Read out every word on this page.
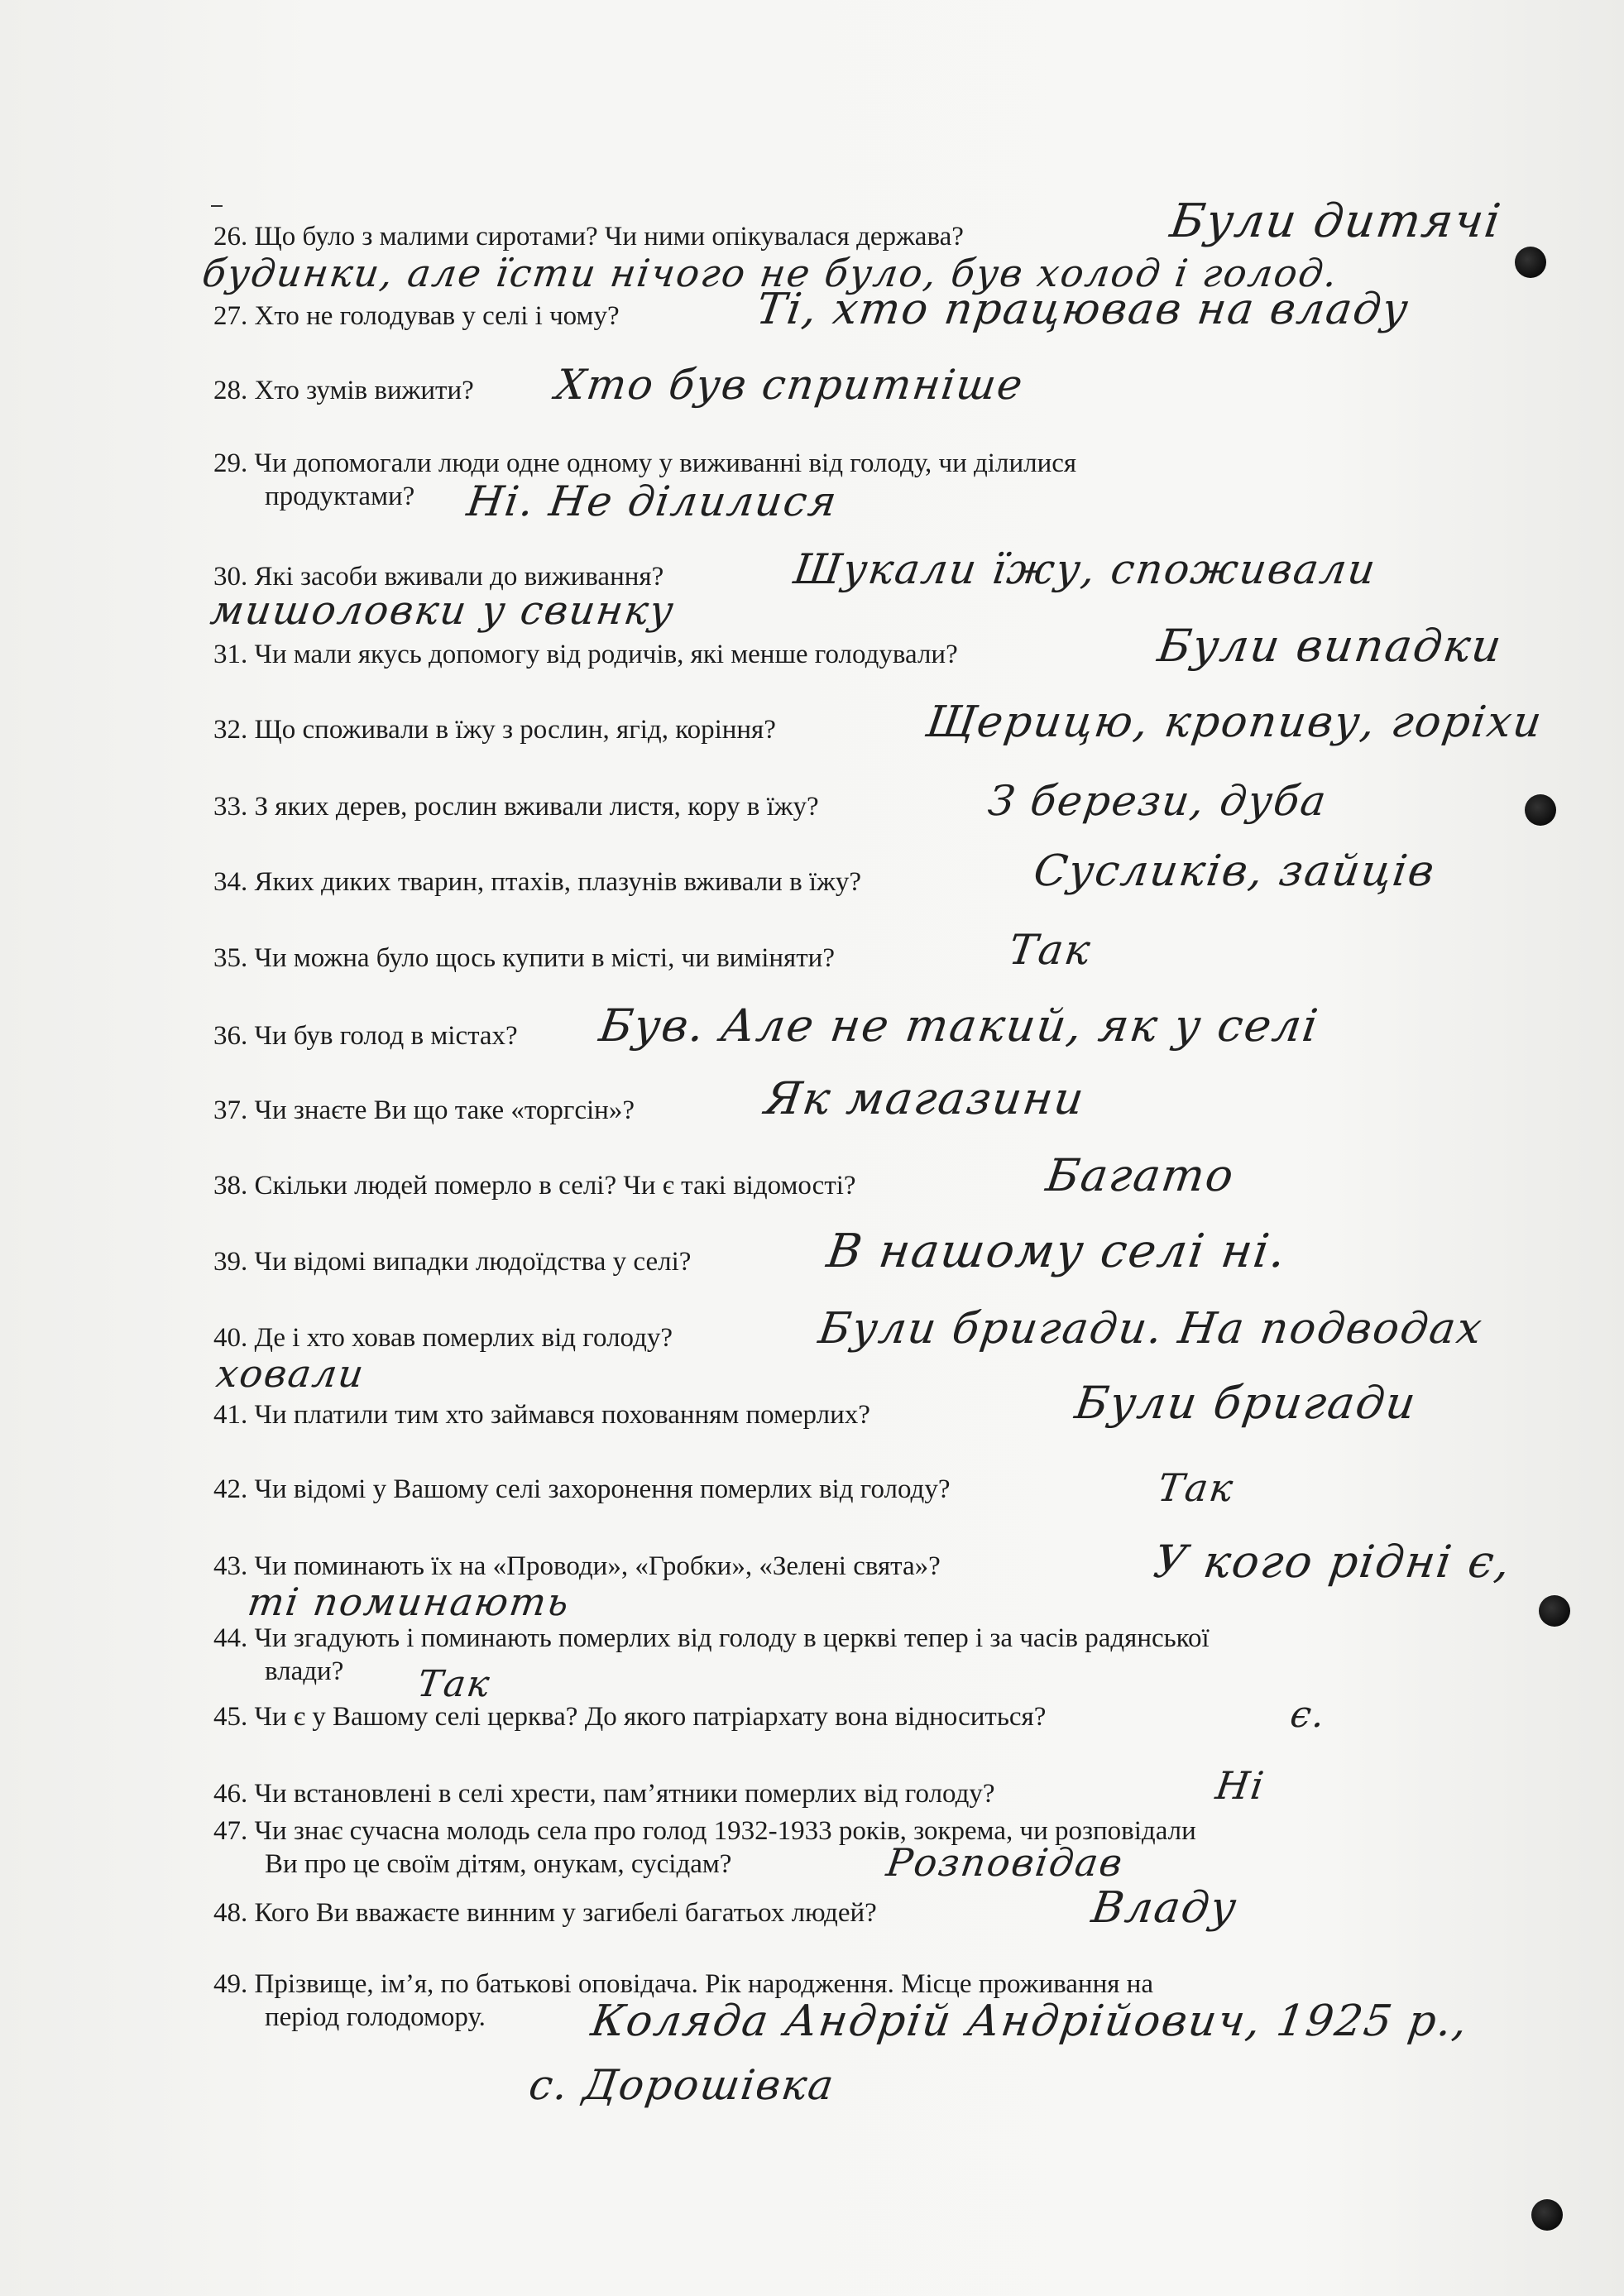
26. Що було з малими сиротами? Чи ними опікувалася держава?
27. Хто не голодував у селі і чому?
28. Хто зумів вижити?
29. Чи допомогали люди одне одному у виживанні від голоду, чи ділилися
продуктами?
30. Які засоби вживали до виживання?
31. Чи мали якусь допомогу від родичів, які менше голодували?
32. Що споживали в їжу з рослин, ягід, коріння?
33. З яких дерев, рослин вживали листя, кору в їжу?
34. Яких диких тварин, птахів, плазунів вживали в їжу?
35. Чи можна було щось купити в місті, чи виміняти?
36. Чи був голод в містах?
37. Чи знаєте Ви що таке «торгсін»?
38. Скільки людей померло в селі? Чи є такі відомості?
39. Чи відомі випадки людоїдства у селі?
40. Де і хто ховав померлих від голоду?
41. Чи платили тим хто займався похованням померлих?
42. Чи відомі у Вашому селі захоронення померлих від голоду?
43. Чи поминають їх на «Проводи», «Гробки», «Зелені свята»?
44. Чи згадують і поминають померлих від голоду в церкві тепер і за часів радянської
влади?
45. Чи є у Вашому селі церква? До якого патріархату вона відноситься?
46. Чи встановлені в селі хрести, пам’ятники померлих від голоду?
47. Чи знає сучасна молодь села про голод 1932-1933 років, зокрема, чи розповідали
Ви про це своїм дітям, онукам, сусідам?
48. Кого Ви вважаєте винним у загибелі багатьох людей?
49. Прізвище, ім’я, по батькові оповідача. Рік народження. Місце проживання на
період голодомору.
Були дитячі
будинки, але їсти нічого не було, був холод і голод.
Ті, хто працював на владу
Хто був спритніше
Ні. Не ділилися
Шукали їжу, споживали
мишоловки у свинку
Були випадки
Щерицю, кропиву, горіхи
З берези, дуба
Сусликів, зайців
Так
Був. Але не такий, як у селі
Як магазини
Багато
В нашому селі ні.
Були бригади. На подводах
ховали
Були бригади
Так
У кого рідні є,
ті поминають
Так
є.
Ні
Розповідав
Владу
Коляда Андрій Андрійович, 1925 р.,
с. Дорошівка
